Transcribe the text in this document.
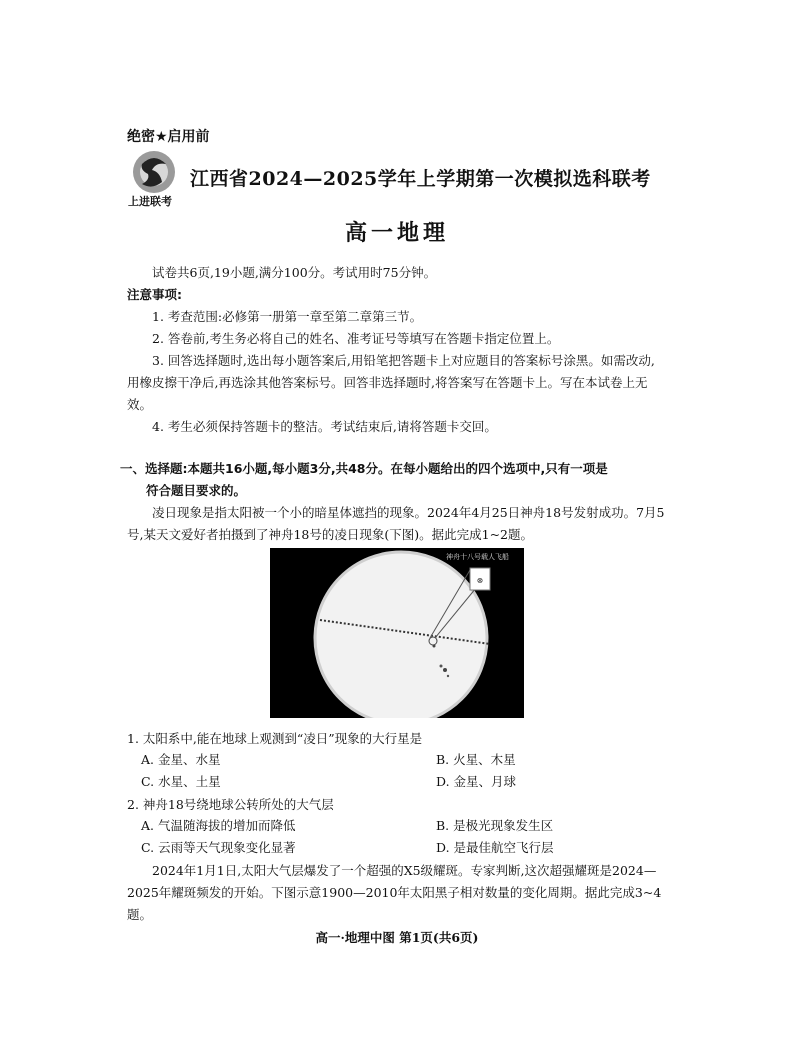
绝密★启用前
上进联考
江西省2024—2025学年上学期第一次模拟选科联考
高一地理
试卷共6页,19小题,满分100分。考试用时75分钟。
注意事项:
1. 考查范围:必修第一册第一章至第二章第三节。
2. 答卷前,考生务必将自己的姓名、准考证号等填写在答题卡指定位置上。
3. 回答选择题时,选出每小题答案后,用铅笔把答题卡上对应题目的答案标号涂黑。如需改动,用橡皮擦干净后,再选涂其他答案标号。回答非选择题时,将答案写在答题卡上。写在本试卷上无效。
4. 考生必须保持答题卡的整洁。考试结束后,请将答题卡交回。
一、选择题:本题共16小题,每小题3分,共48分。在每小题给出的四个选项中,只有一项是
符合题目要求的。
凌日现象是指太阳被一个小的暗星体遮挡的现象。2024年4月25日神舟18号发射成功。7月5号,某天文爱好者拍摄到了神舟18号的凌日现象(下图)。据此完成1~2题。
⊗
神舟十八号载人飞船
1. 太阳系中,能在地球上观测到“凌日”现象的大行星是
A. 金星、水星	B. 火星、木星
C. 水星、土星	D. 金星、月球
2. 神舟18号绕地球公转所处的大气层
A. 气温随海拔的增加而降低	B. 是极光现象发生区
C. 云雨等天气现象变化显著	D. 是最佳航空飞行层
2024年1月1日,太阳大气层爆发了一个超强的X5级耀斑。专家判断,这次超强耀斑是2024—2025年耀斑频发的开始。下图示意1900—2010年太阳黑子相对数量的变化周期。据此完成3~4题。
高一·地理中图 第1页(共6页)
